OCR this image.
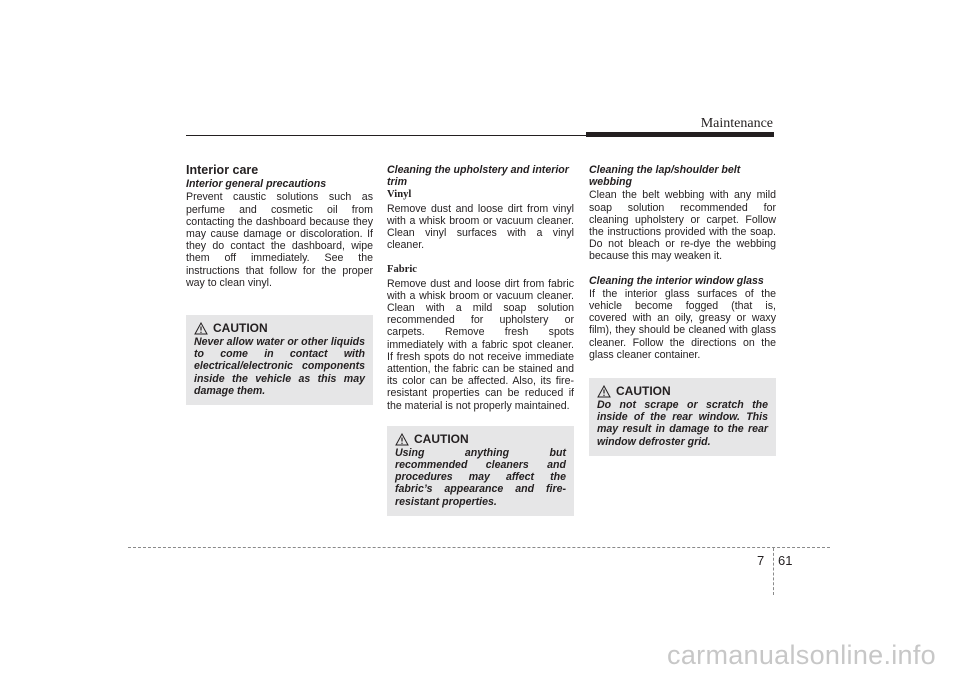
Maintenance
Interior care
Interior general precautions

Prevent caustic solutions such as perfume and cosmetic oil from contacting the dashboard because they may cause damage or discoloration. If they do contact the dashboard, wipe them off immediately. See the instructions that follow for the proper way to clean vinyl.

CAUTION
Never allow water or other liquids to come in contact with electrical/electronic components inside the vehicle as this may damage them.
Cleaning the upholstery and interior trim
Vinyl

Remove dust and loose dirt from vinyl with a whisk broom or vacuum cleaner. Clean vinyl surfaces with a vinyl cleaner.

Fabric

Remove dust and loose dirt from fabric with a whisk broom or vacuum cleaner. Clean with a mild soap solution recommended for upholstery or carpets. Remove fresh spots immediately with a fabric spot cleaner. If fresh spots do not receive immediate attention, the fabric can be stained and its color can be affected. Also, its fire-resistant properties can be reduced if the material is not properly maintained.

CAUTION
Using anything but recommended cleaners and procedures may affect the fabric’s appearance and fire-resistant properties.
Cleaning the lap/shoulder belt webbing

Clean the belt webbing with any mild soap solution recommended for cleaning upholstery or carpet. Follow the instructions provided with the soap. Do not bleach or re-dye the webbing because this may weaken it.

Cleaning the interior window glass

If the interior glass surfaces of the vehicle become fogged (that is, covered with an oily, greasy or waxy film), they should be cleaned with glass cleaner. Follow the directions on the glass cleaner container.

CAUTION
Do not scrape or scratch the inside of the rear window. This may result in damage to the rear window defroster grid.
7 61
carmanualsonline.info
